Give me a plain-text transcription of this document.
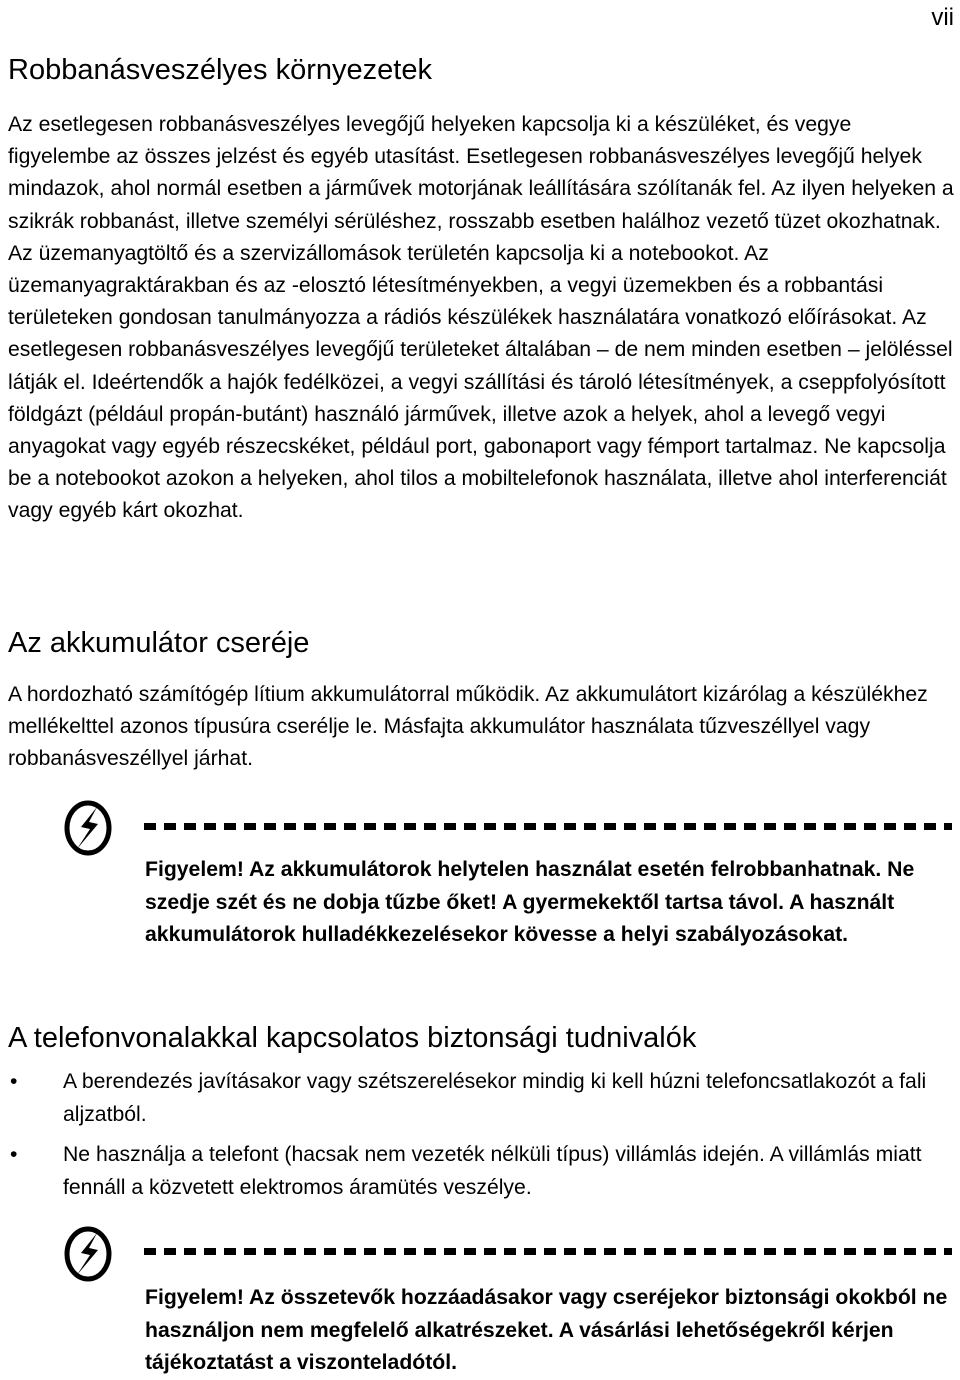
vii
Robbanásveszélyes környezetek

Az esetlegesen robbanásveszélyes levegőjű helyeken kapcsolja ki a készüléket, és vegye figyelembe az összes jelzést és egyéb utasítást. Esetlegesen robbanásveszélyes levegőjű helyek mindazok, ahol normál esetben a járművek motorjának leállítására szólítanák fel. Az ilyen helyeken a szikrák robbanást, illetve személyi sérüléshez, rosszabb esetben halálhoz vezető tüzet okozhatnak. Az üzemanyagtöltő és a szervizállomások területén kapcsolja ki a notebookot. Az üzemanyagraktárakban és az -elosztó létesítményekben, a vegyi üzemekben és a robbantási területeken gondosan tanulmányozza a rádiós készülékek használatára vonatkozó előírásokat. Az esetlegesen robbanásveszélyes levegőjű területeket általában – de nem minden esetben – jelöléssel látják el. Ideértendők a hajók fedélközei, a vegyi szállítási és tároló létesítmények, a cseppfolyósított földgázt (például propán-butánt) használó járművek, illetve azok a helyek, ahol a levegő vegyi anyagokat vagy egyéb részecskéket, például port, gabonaport vagy fémport tartalmaz. Ne kapcsolja be a notebookot azokon a helyeken, ahol tilos a mobiltelefonok használata, illetve ahol interferenciát vagy egyéb kárt okozhat.

Az akkumulátor cseréje

A hordozható számítógép lítium akkumulátorral működik. Az akkumulátort kizárólag a készülékhez mellékelttel azonos típusúra cserélje le. Másfajta akkumulátor használata tűzveszéllyel vagy robbanásveszéllyel járhat.

Figyelem! Az akkumulátorok helytelen használat esetén felrobbanhatnak. Ne szedje szét és ne dobja tűzbe őket! A gyermekektől tartsa távol. A használt akkumulátorok hulladékkezelésekor kövesse a helyi szabályozásokat.

A telefonvonalakkal kapcsolatos biztonsági tudnivalók
• A berendezés javításakor vagy szétszerelésekor mindig ki kell húzni telefoncsatlakozót a fali aljzatból.
• Ne használja a telefont (hacsak nem vezeték nélküli típus) villámlás idején. A villámlás miatt fennáll a közvetett elektromos áramütés veszélye.

Figyelem! Az összetevők hozzáadásakor vagy cseréjekor biztonsági okokból ne használjon nem megfelelő alkatrészeket. A vásárlási lehetőségekről kérjen tájékoztatást a viszonteladótól.
